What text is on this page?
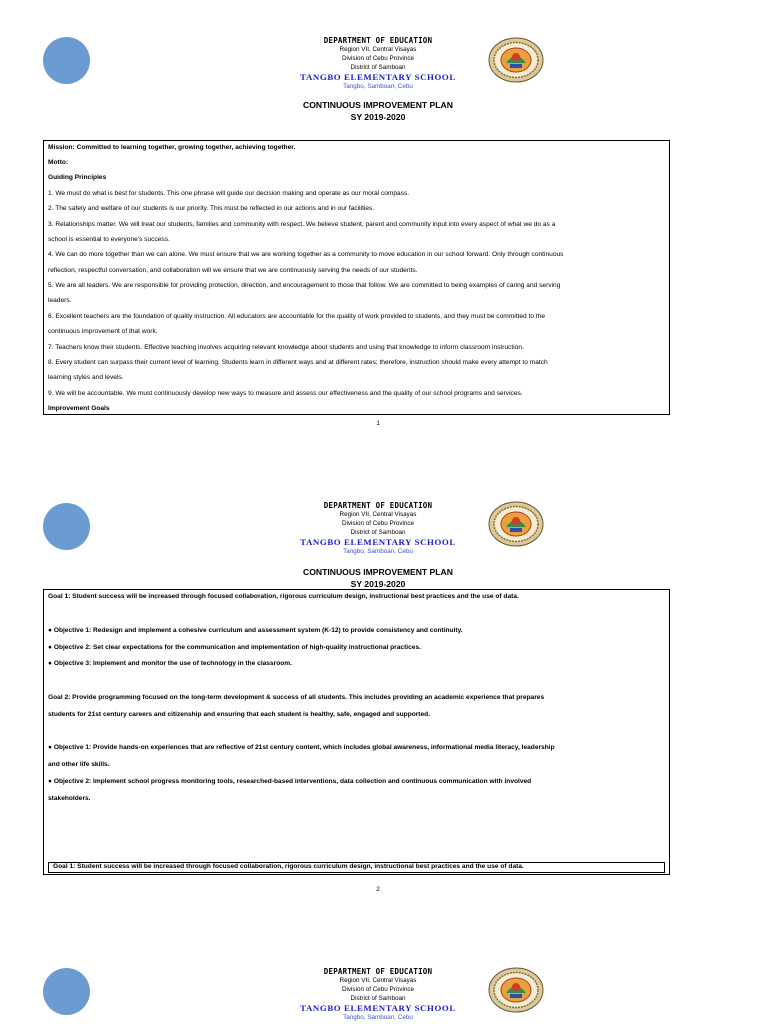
DEPARTMENT OF EDUCATION
Region VII, Central Visayas
Division of Cebu Province
District of Samboan
TANGBO ELEMENTARY SCHOOL
Tangbo, Samboan, Cebu
CONTINUOUS IMPROVEMENT PLAN
SY 2019-2020
Mission: Committed to learning together, growing together, achieving together.
Motto:
Guiding Principles
1. We must do what is best for students. This one phrase will guide our decision making and operate as our moral compass.
2. The safety and welfare of our students is our priority. This must be reflected in our actions and in our facilities.
3. Relationships matter. We will treat our students, families and community with respect. We believe student, parent and community input into every aspect of what we do as a
school is essential to everyone's success.
4. We can do more together than we can alone. We must ensure that we are working together as a community to move education in our school forward. Only through continuous
reflection, respectful conversation, and collaboration will we ensure that we are continuously serving the needs of our students.
5. We are all leaders. We are responsible for providing protection, direction, and encouragement to those that follow. We are committed to being examples of caring and serving
leaders.
6. Excellent teachers are the foundation of quality instruction. All educators are accountable for the quality of work provided to students, and they must be committed to the
continuous improvement of that work.
7. Teachers know their students. Effective teaching involves acquiring relevant knowledge about students and using that knowledge to inform classroom instruction.
8. Every student can surpass their current level of learning. Students learn in different ways and at different rates; therefore, instruction should make every attempt to match
learning styles and levels.
9. We will be accountable. We must continuously develop new ways to measure and assess our effectiveness and the quality of our school programs and services.
Improvement Goals
1
DEPARTMENT OF EDUCATION
Region VII, Central Visayas
Division of Cebu Province
District of Samboan
TANGBO ELEMENTARY SCHOOL
Tangbo, Samboan, Cebu
CONTINUOUS IMPROVEMENT PLAN
SY 2019-2020
Goal 1: Student success will be increased through focused collaboration, rigorous curriculum design, instructional best practices and the use of data.
● Objective 1: Redesign and implement a cohesive curriculum and assessment system (K-12) to provide consistency and continuity.
● Objective 2: Set clear expectations for the communication and implementation of high-quality instructional practices.
● Objective 3: Implement and monitor the use of technology in the classroom.
Goal 2: Provide programming focused on the long-term development & success of all students. This includes providing an academic experience that prepares
students for 21st century careers and citizenship and ensuring that each student is healthy, safe, engaged and supported.
● Objective 1: Provide hands-on experiences that are reflective of 21st century content, which includes global awareness, informational media literacy, leadership
and other life skills.
● Objective 2: Implement school progress monitoring tools, researched-based interventions, data collection and continuous communication with involved
stakeholders.
Goal 1: Student success will be increased through focused collaboration, rigorous curriculum design, instructional best practices and the use of data.
2
DEPARTMENT OF EDUCATION
Region VII, Central Visayas
Division of Cebu Province
District of Samboan
TANGBO ELEMENTARY SCHOOL
Tangbo, Samboan, Cebu
